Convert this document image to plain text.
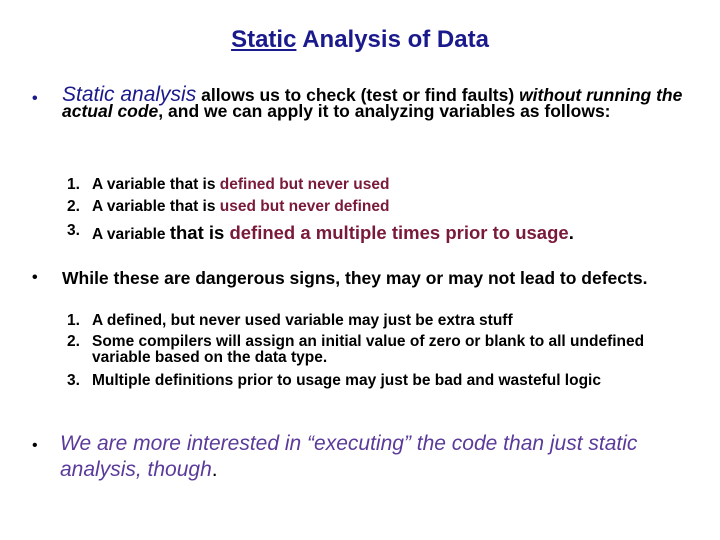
Static Analysis of Data
• Static analysis allows us to check (test or find faults) without running the actual code, and we can apply it to analyzing variables as follows:
1. A variable that is defined but never used
2. A variable that is used but never defined
3. A variable that is defined a multiple times prior to usage.
• While these are dangerous signs, they may or may not lead to defects.
1. A defined, but never used variable may just be extra stuff
2. Some compilers will assign an initial value of zero or blank to all undefined variable based on the data type.
3. Multiple definitions prior to usage may just be bad and wasteful logic
• We are more interested in “executing” the code than just static analysis, though.
